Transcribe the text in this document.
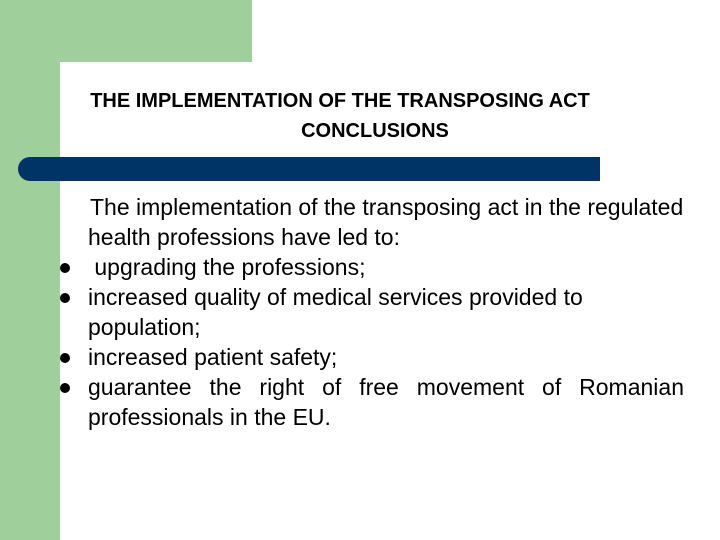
THE IMPLEMENTATION OF THE TRANSPOSING ACT
CONCLUSIONS
The implementation of the transposing act in the regulated health professions have led to:
upgrading the professions;
increased quality of medical services provided to population;
increased patient safety;
guarantee the right of free movement of Romanian professionals in the EU.
